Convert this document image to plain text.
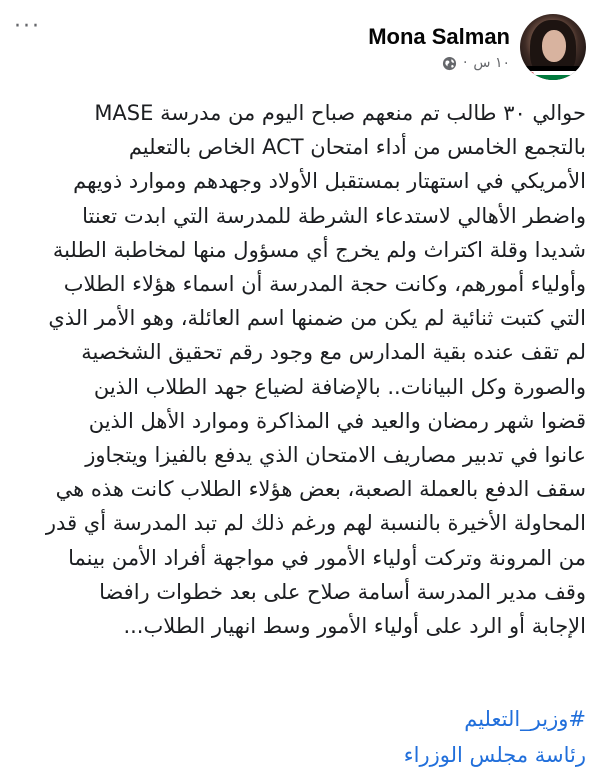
···	Mona Salman
· ١٠ س

حوالي ٣٠ طالب تم منعهم صباح اليوم من مدرسة MASE

بالتجمع الخامس من أداء امتحان ACT الخاص بالتعليم

الأمريكي في استهتار بمستقبل الأولاد وجهدهم وموارد ذويهم

واضطر الأهالي لاستدعاء الشرطة للمدرسة التي ابدت تعنتا

شديدا وقلة اكتراث ولم يخرج أي مسؤول منها لمخاطبة الطلبة

وأولياء أمورهم، وكانت حجة المدرسة أن اسماء هؤلاء الطلاب

التي كتبت ثنائية لم يكن من ضمنها اسم العائلة، وهو الأمر الذي

لم تقف عنده بقية المدارس مع وجود رقم تحقيق الشخصية

والصورة وكل البيانات.. بالإضافة لضياع جهد الطلاب الذين

قضوا شهر رمضان والعيد في المذاكرة وموارد الأهل الذين

عانوا في تدبير مصاريف الامتحان الذي يدفع بالفيزا ويتجاوز

سقف الدفع بالعملة الصعبة، بعض هؤلاء الطلاب كانت هذه هي

المحاولة الأخيرة بالنسبة لهم ورغم ذلك لم تبد المدرسة أي قدر

من المرونة وتركت أولياء الأمور في مواجهة أفراد الأمن بينما

وقف مدير المدرسة أسامة صلاح على بعد خطوات رافضا

الإجابة أو الرد على أولياء الأمور وسط انهيار الطلاب...

#وزير_التعليم
رئاسة مجلس الوزراء
